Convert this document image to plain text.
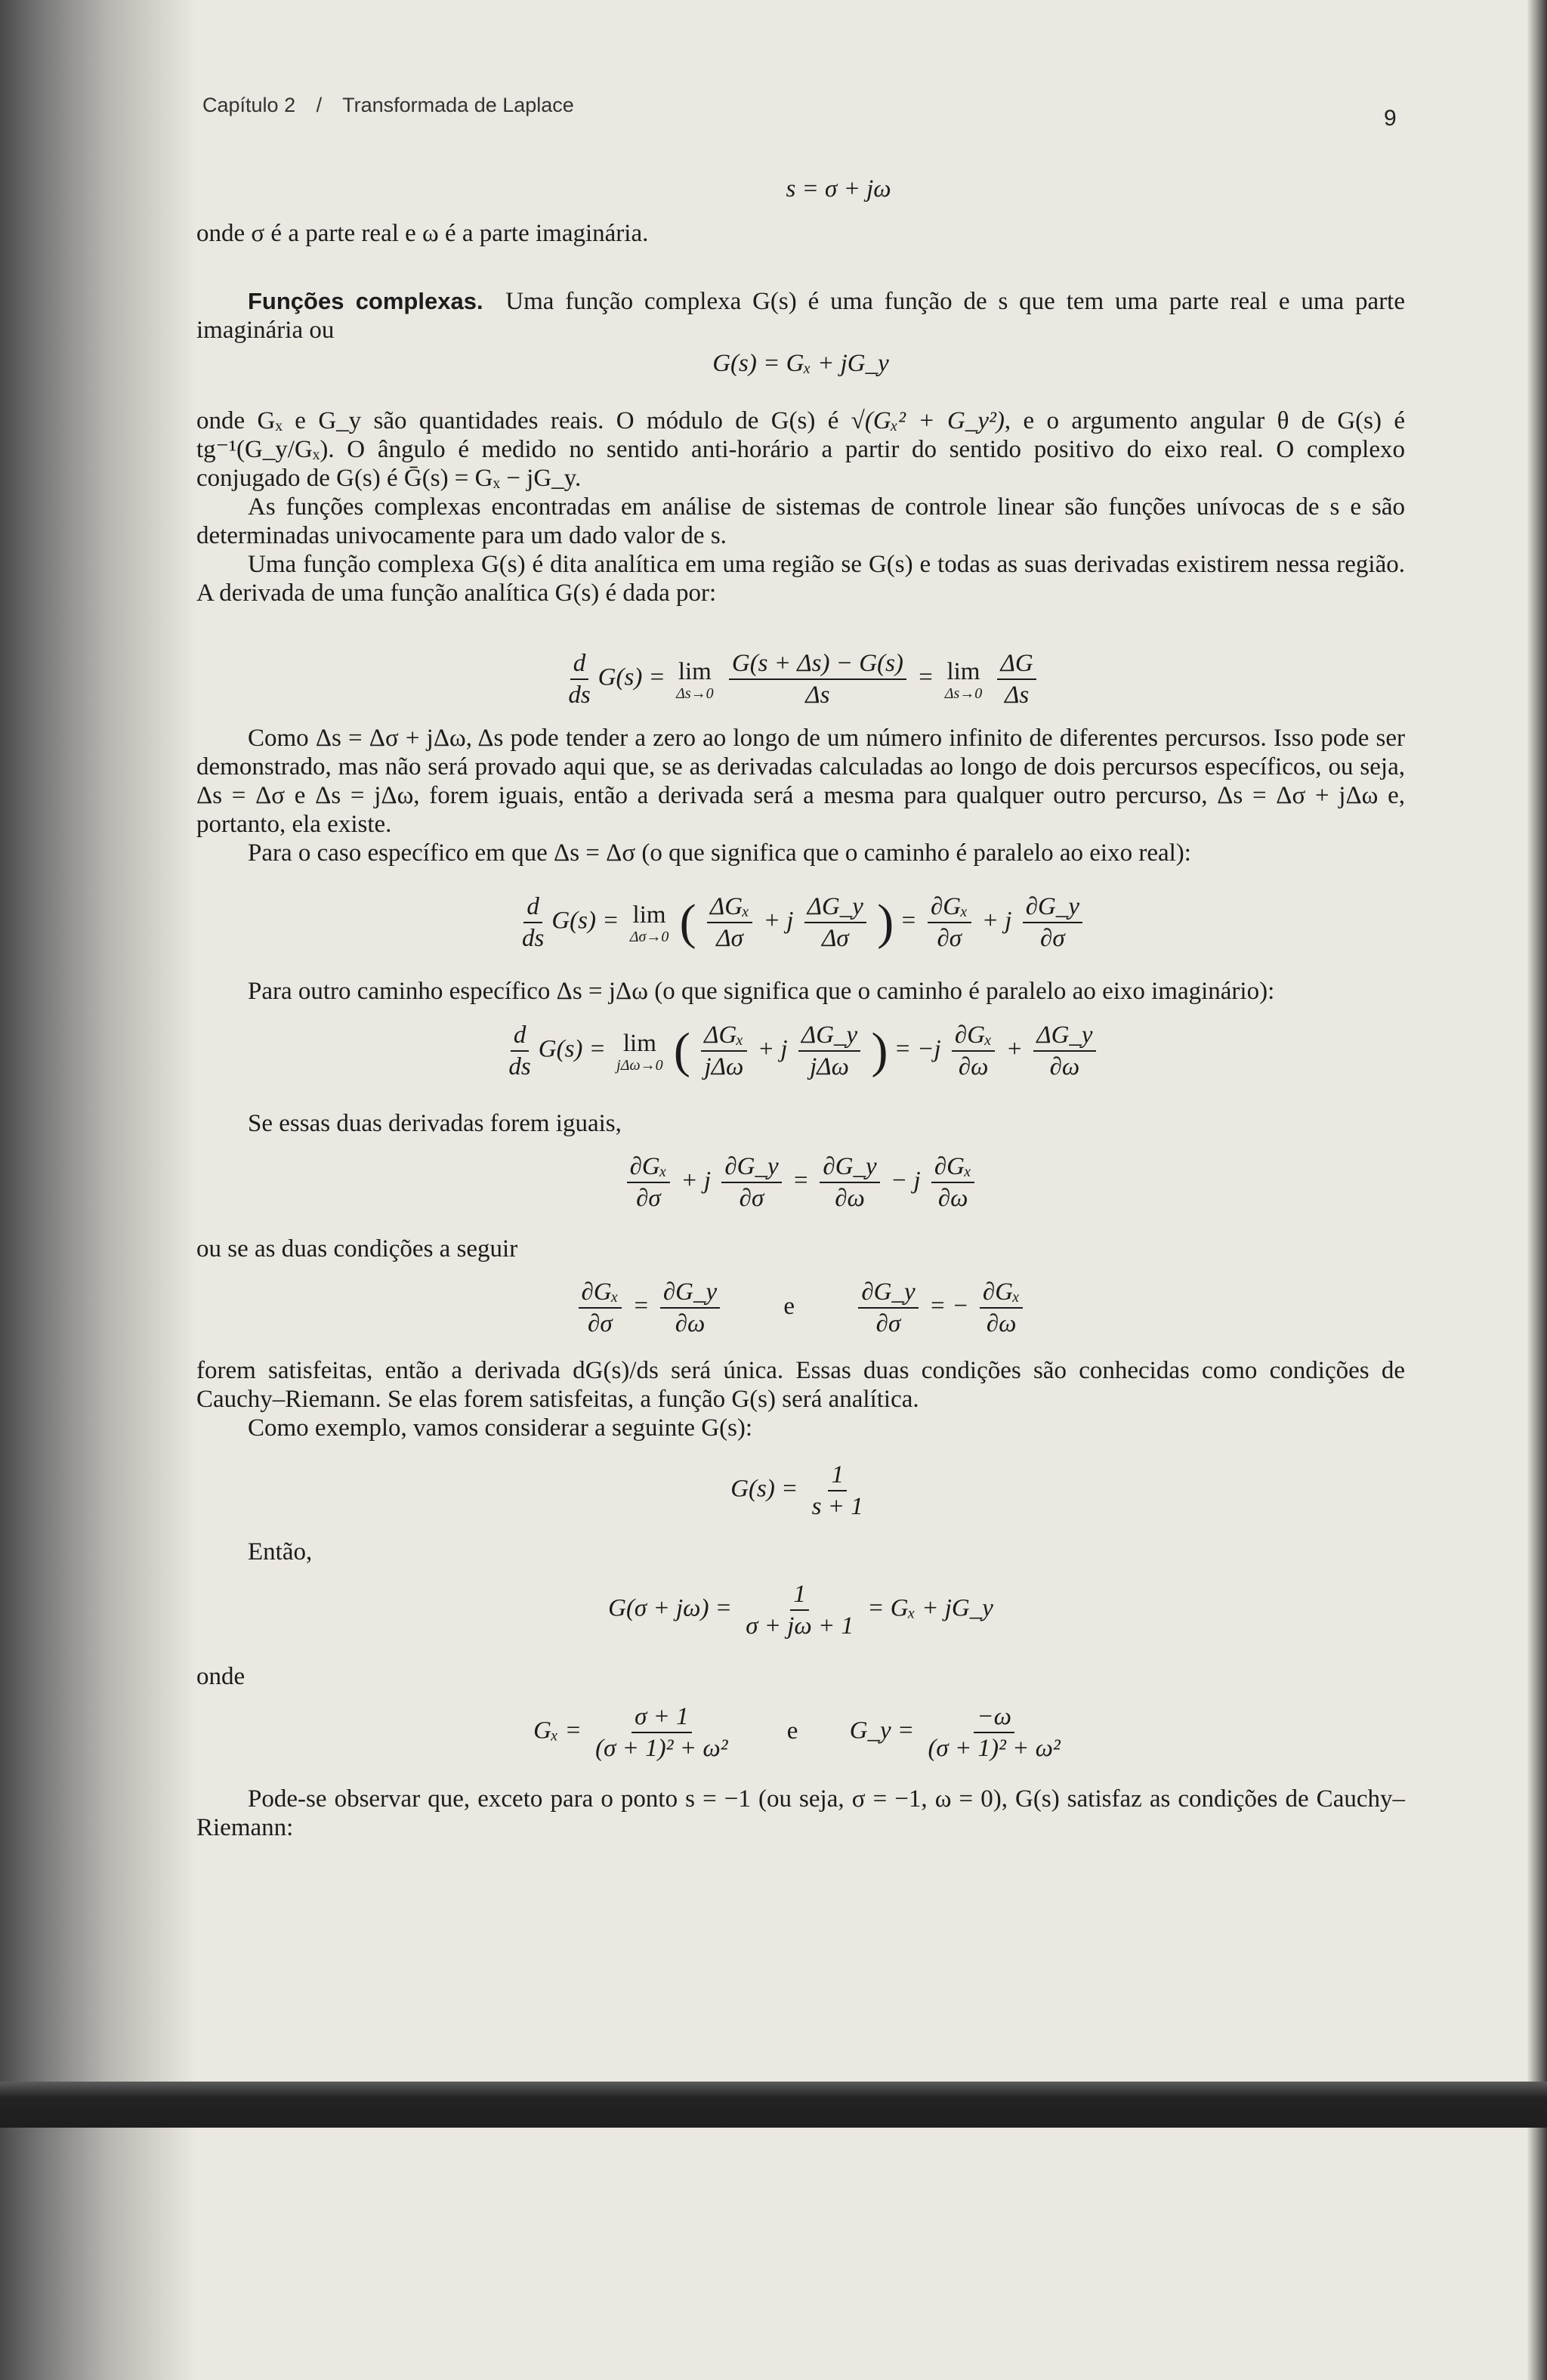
Capítulo 2 / Transformada de Laplace
9
s = σ + jω

onde σ é a parte real e ω é a parte imaginária.

Funções complexas. Uma função complexa G(s) é uma função de s que tem uma parte real e uma parte imaginária ou

G(s) = Gₓ + jG_y

onde Gₓ e G_y são quantidades reais. O módulo de G(s) é √(Gₓ² + G_y²), e o argumento angular θ de G(s) é tg⁻¹(G_y/Gₓ). O ângulo é medido no sentido anti-horário a partir do sentido positivo do eixo real. O complexo conjugado de G(s) é Ḡ(s) = Gₓ − jG_y.

As funções complexas encontradas em análise de sistemas de controle linear são funções unívocas de s e são determinadas univocamente para um dado valor de s.

Uma função complexa G(s) é dita analítica em uma região se G(s) e todas as suas derivadas existirem nessa região. A derivada de uma função analítica G(s) é dada por:

$\frac{d}{ds} G(s) = \lim$
Δs→0
$\frac{G(s + \Delta s) - G(s)}{\Delta s} = \lim$
Δs→0
$\frac{\Delta G}{\Delta s}$

Como Δs = Δσ + jΔω, Δs pode tender a zero ao longo de um número infinito de diferentes percursos. Isso pode ser demonstrado, mas não será provado aqui que, se as derivadas calculadas ao longo de dois percursos específicos, ou seja, Δs = Δσ e Δs = jΔω, forem iguais, então a derivada será a mesma para qualquer outro percurso, Δs = Δσ + jΔω e, portanto, ela existe.

Para o caso específico em que Δs = Δσ (o que significa que o caminho é paralelo ao eixo real):

$\frac{d}{ds} G(s) = \lim$
Δσ→0 ( $\frac{\text{ΔGₓ}}{\Delta\sigma} + j \frac{\Delta G\_y}{\Delta\sigma}$ ) = $\frac{\text{∂Gₓ}}{\partial\sigma} + j \frac{\partial G\_y}{\partial\sigma}$

Para outro caminho específico Δs = jΔω (o que significa que o caminho é paralelo ao eixo imaginário):

$\frac{d}{ds} G(s) = \lim$
jΔω→0 ( $\frac{\text{ΔGₓ}}{\text{jΔω}} + j \frac{\Delta G\_y}{\text{jΔω}}$ ) = $-j \frac{\text{∂Gₓ}}{\partial\omega} + \frac{\Delta G\_y}{\partial\omega}$

Se essas duas derivadas forem iguais,

$\frac{\text{∂Gₓ}}{\partial\sigma} + j \frac{\partial G\_y}{\partial\sigma} = \frac{\partial G\_y}{\partial\omega} - j \frac{\text{∂Gₓ}}{\partial\omega}$

ou se as duas condições a seguir

$\frac{\text{∂Gₓ}}{\partial\sigma} = \frac{\partial G\_y}{\partial\omega}$	e	$\frac{\partial G\_y}{\partial\sigma}$ = − $\frac{\text{∂Gₓ}}{\partial\omega}$

forem satisfeitas, então a derivada dG(s)/ds será única. Essas duas condições são conhecidas como condições de Cauchy–Riemann. Se elas forem satisfeitas, a função G(s) será analítica.

Como exemplo, vamos considerar a seguinte G(s):

$G(s) = \frac{1}{s + 1}$

Então,

$G(\sigma + j\omega) = \frac{1}{\sigma + j\omega + 1} = G_x$ + jG_y

onde

$G_x = \frac{\sigma + 1}{\text{(σ + 1)² + ω²}}$ e G_y = $\frac{-\omega}{\text{(σ + 1)² + ω²}}$

Pode-se observar que, exceto para o ponto s = −1 (ou seja, σ = −1, ω = 0), G(s) satisfaz as condições de Cauchy–Riemann:
